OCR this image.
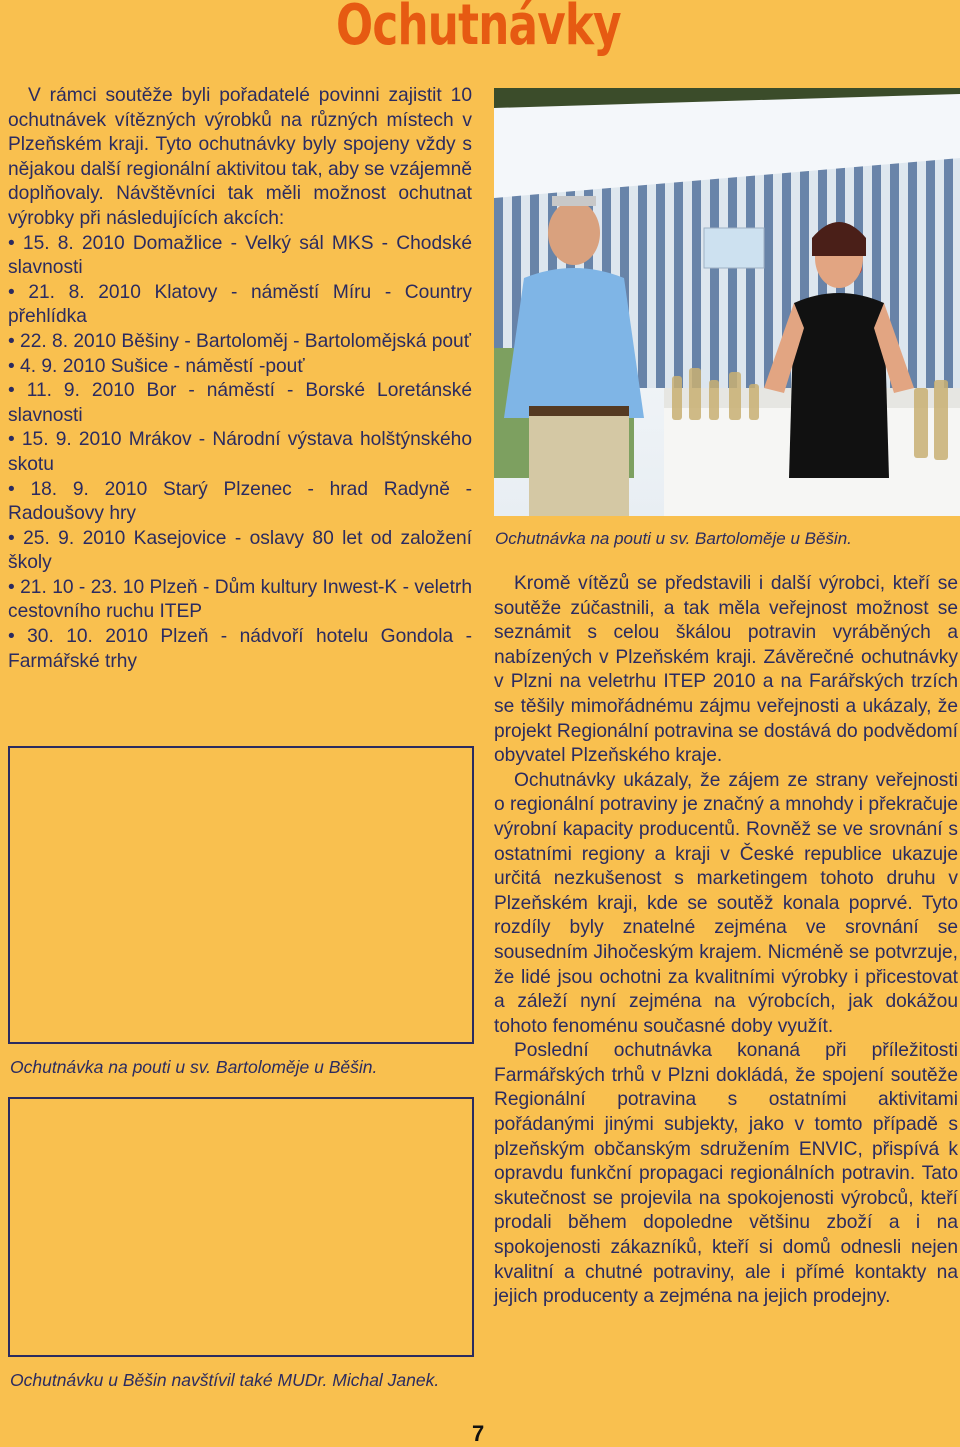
Ochutnávky

V rámci soutěže byli pořadatelé povinni zajistit 10 ochutnávek vítězných výrobků na různých místech v Plzeňském kraji. Tyto ochutnávky byly spojeny vždy s nějakou další regionální aktivitou tak, aby se vzájemně doplňovaly. Návštěvníci tak měli možnost ochutnat výrobky při následujících akcích:

• 15. 8. 2010 Domažlice - Velký sál MKS - Chodské slavnosti
• 21. 8. 2010 Klatovy - náměstí Míru - Country přehlídka
• 22. 8. 2010 Běšiny - Bartoloměj - Bartolomějská pouť
• 4. 9. 2010 Sušice - náměstí -pouť
• 11. 9. 2010 Bor - náměstí - Borské Loretánské slavnosti
• 15. 9. 2010 Mrákov - Národní výstava holštýnského skotu
• 18. 9. 2010 Starý Plzenec - hrad Radyně - Radoušovy hry
• 25. 9. 2010 Kasejovice - oslavy 80 let od založení školy
• 21. 10 - 23. 10 Plzeň - Dům kultury Inwest-K - veletrh cestovního ruchu ITEP
• 30. 10. 2010 Plzeň - nádvoří hotelu Gondola - Farmářské trhy

Ochutnávka na pouti u sv. Bartoloměje u Běšin.

Ochutnávku u Běšin navštívil také MUDr. Michal Janek.

Ochutnávka na pouti u sv. Bartoloměje u Běšin.

Kromě vítězů se představili i další výrobci, kteří se soutěže zúčastnili, a tak měla veřejnost možnost se seznámit s celou škálou potravin vyráběných a nabízených v Plzeňském kraji. Závěrečné ochutnávky v Plzni na veletrhu ITEP 2010 a na Farářských trzích se těšily mimořádnému zájmu veřejnosti a ukázaly, že projekt Regionální potravina se dostává do podvědomí obyvatel Plzeňského kraje.

Ochutnávky ukázaly, že zájem ze strany veřejnosti o regionální potraviny je značný a mnohdy i překračuje výrobní kapacity producentů. Rovněž se ve srovnání s ostatními regiony a kraji v České republice ukazuje určitá nezkušenost s marketingem tohoto druhu v Plzeňském kraji, kde se soutěž konala poprvé. Tyto rozdíly byly znatelné zejména ve srovnání se sousedním Jihočeským krajem. Nicméně se potvrzuje, že lidé jsou ochotni za kvalitními výrobky i přicestovat a záleží nyní zejména na výrobcích, jak dokážou tohoto fenoménu současné doby využít.

Poslední ochutnávka konaná při příležitosti Farmářských trhů v Plzni dokládá, že spojení soutěže Regionální potravina s ostatními aktivitami pořádanými jinými subjekty, jako v tomto případě s plzeňským občanským sdružením ENVIC, přispívá k opravdu funkční propagaci regionálních potravin. Tato skutečnost se projevila na spokojenosti výrobců, kteří prodali během dopoledne většinu zboží a i na spokojenosti zákazníků, kteří si domů odnesli nejen kvalitní a chutné potraviny, ale i přímé kontakty na jejich producenty a zejména na jejich prodejny.

7
